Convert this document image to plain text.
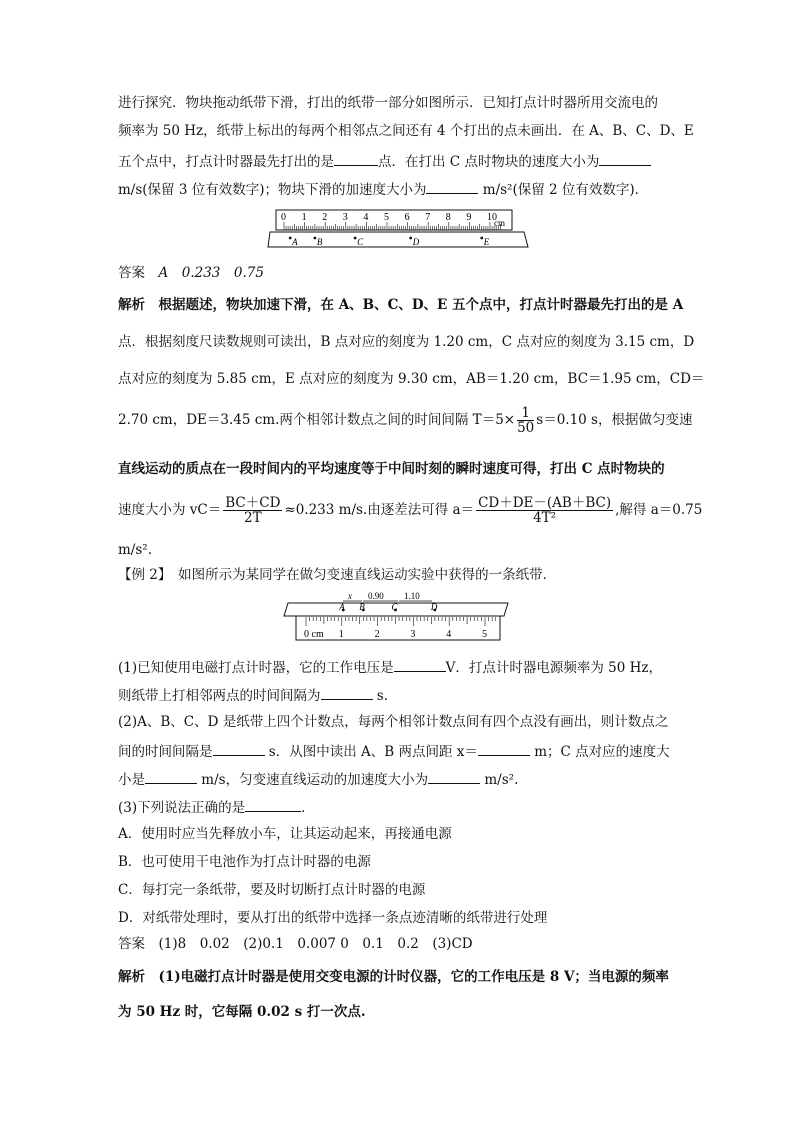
进行探究．物块拖动纸带下滑，打出的纸带一部分如图所示．已知打点计时器所用交流电的
频率为 50 Hz，纸带上标出的每两个相邻点之间还有 4 个打出的点未画出．在 A、B、C、D、E
五个点中，打点计时器最先打出的是	点．在打出 C 点时物块的速度大小为
m/s(保留 3 位有效数字)；物块下滑的加速度大小为	m/s²(保留 2 位有效数字)．
0 1 2 3 4 5 6 7 8 9 10
A B	C	D	E
cm
答案　 A　0.233　0.75
解析　 根据题述，物块加速下滑，在 A、B、C、D、E 五个点中，打点计时器最先打出的是 A
点．根据刻度尺读数规则可读出，B 点对应的刻度为 1.20 cm，C 点对应的刻度为 3.15 cm，D
点对应的刻度为 5.85 cm，E 点对应的刻度为 9.30 cm，AB＝1.20 cm，BC＝1.95 cm，CD＝
2.70 cm，DE＝3.45 cm.两个相邻计数点之间的时间间隔 $T=5\times \frac{1}{50} s=0.10$ s，根据做匀变速
直线运动的质点在一段时间内的平均速度等于中间时刻的瞬时速度可得，打出 C 点时物块的
速度大小为 $vC= \frac{BC+CD}{2T} \approx 0.233$ m/s.由逐差法可得 $a= \frac{CD+DE-(AB+BC)}{\text{4T²}}$ ,解得 a＝0.75
m/s².
【例 2】　如图所示为某同学在做匀变速直线运动实验中获得的一条纸带．
0 cm 1	2	3	4	5
A B	C	D
x 0.90 1.10
(1)已知使用电磁打点计时器，它的工作电压是	V．打点计时器电源频率为 50 Hz，
则纸带上打相邻两点的时间间隔为	s.
(2)A、B、C、D 是纸带上四个计数点，每两个相邻计数点间有四个点没有画出，则计数点之
间的时间间隔是	s．从图中读出 A、B 两点间距 x＝	m；C 点对应的速度大
小是	m/s，匀变速直线运动的加速度大小为	m/s².
(3)下列说法正确的是	．
A．使用时应当先释放小车，让其运动起来，再接通电源
B．也可使用干电池作为打点计时器的电源
C．每打完一条纸带，要及时切断打点计时器的电源
D．对纸带处理时，要从打出的纸带中选择一条点迹清晰的纸带进行处理
答案　 (1)8　0.02　(2)0.1　0.007 0　0.1　0.2　(3)CD
解析　 (1)电磁打点计时器是使用交变电源的计时仪器，它的工作电压是 8 V；当电源的频率
为 50 Hz 时，它每隔 0.02 s 打一次点.
